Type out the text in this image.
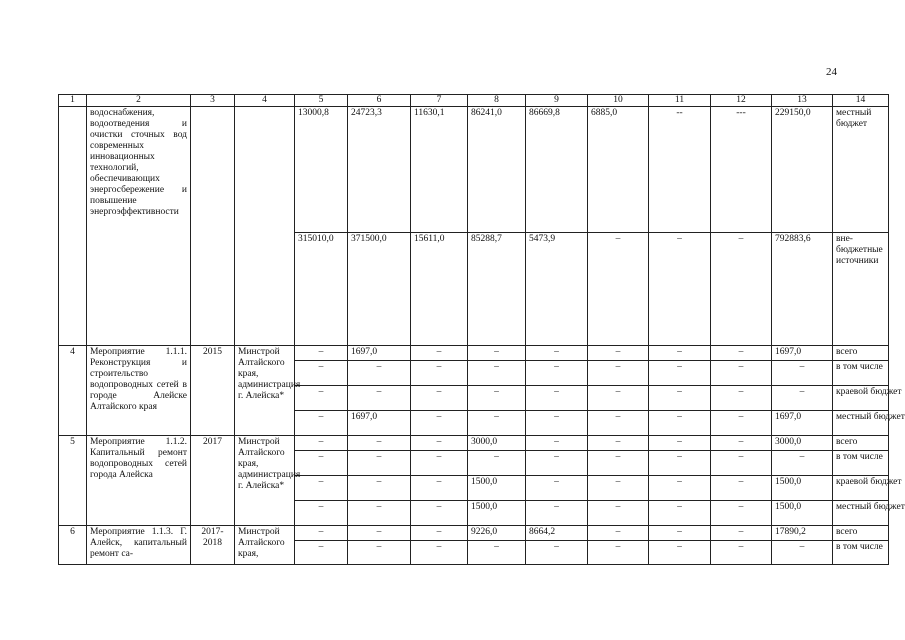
24
1	2	3	4	5	6	7	8	9	10	11	12	13	14
	водоснабжения, водоотведения и очистки сточных вод современных инновационных технологий, обеспечивающих энергосбережение и повышение энергоэффективности			13000,8	24723,3	11630,1	86241,0	86669,8	6885,0	--	---	229150,0	местный бюджет
				315010,0	371500,0	15611,0	85288,7	5473,9	–	–	–	792883,6	вне-бюджетные источники
4	Мероприятие 1.1.1. Реконструкция и строительство водопроводных сетей в городе Алейске Алтайского края	2015	Минстрой Алтайского края, администрация г. Алейска*	–	1697,0	–	–	–	–	–	–	1697,0	всего
				–	–	–	–	–	–	–	–	–	в том числе
				–	–	–	–	–	–	–	–	–	краевой бюджет
				–	1697,0	–	–	–	–	–	–	1697,0	местный бюджет
5	Мероприятие 1.1.2. Капитальный ремонт водопроводных сетей города Алейска	2017	Минстрой Алтайского края, администрация г. Алейска*	–	–	–	3000,0	–	–	–	–	3000,0	всего
				–	–	–	–	–	–	–	–	–	в том числе
				–	–	–	1500,0	–	–	–	–	1500,0	краевой бюджет
				–	–	–	1500,0	–	–	–	–	1500,0	местный бюджет
6	Мероприятие 1.1.3. Г. Алейск, капитальный ремонт са-	2017-2018	Минстрой Алтайского края,	–	–	–	9226,0	8664,2	–	–	–	17890,2	всего
				–	–	–	–	–	–	–	–	–	в том числе
